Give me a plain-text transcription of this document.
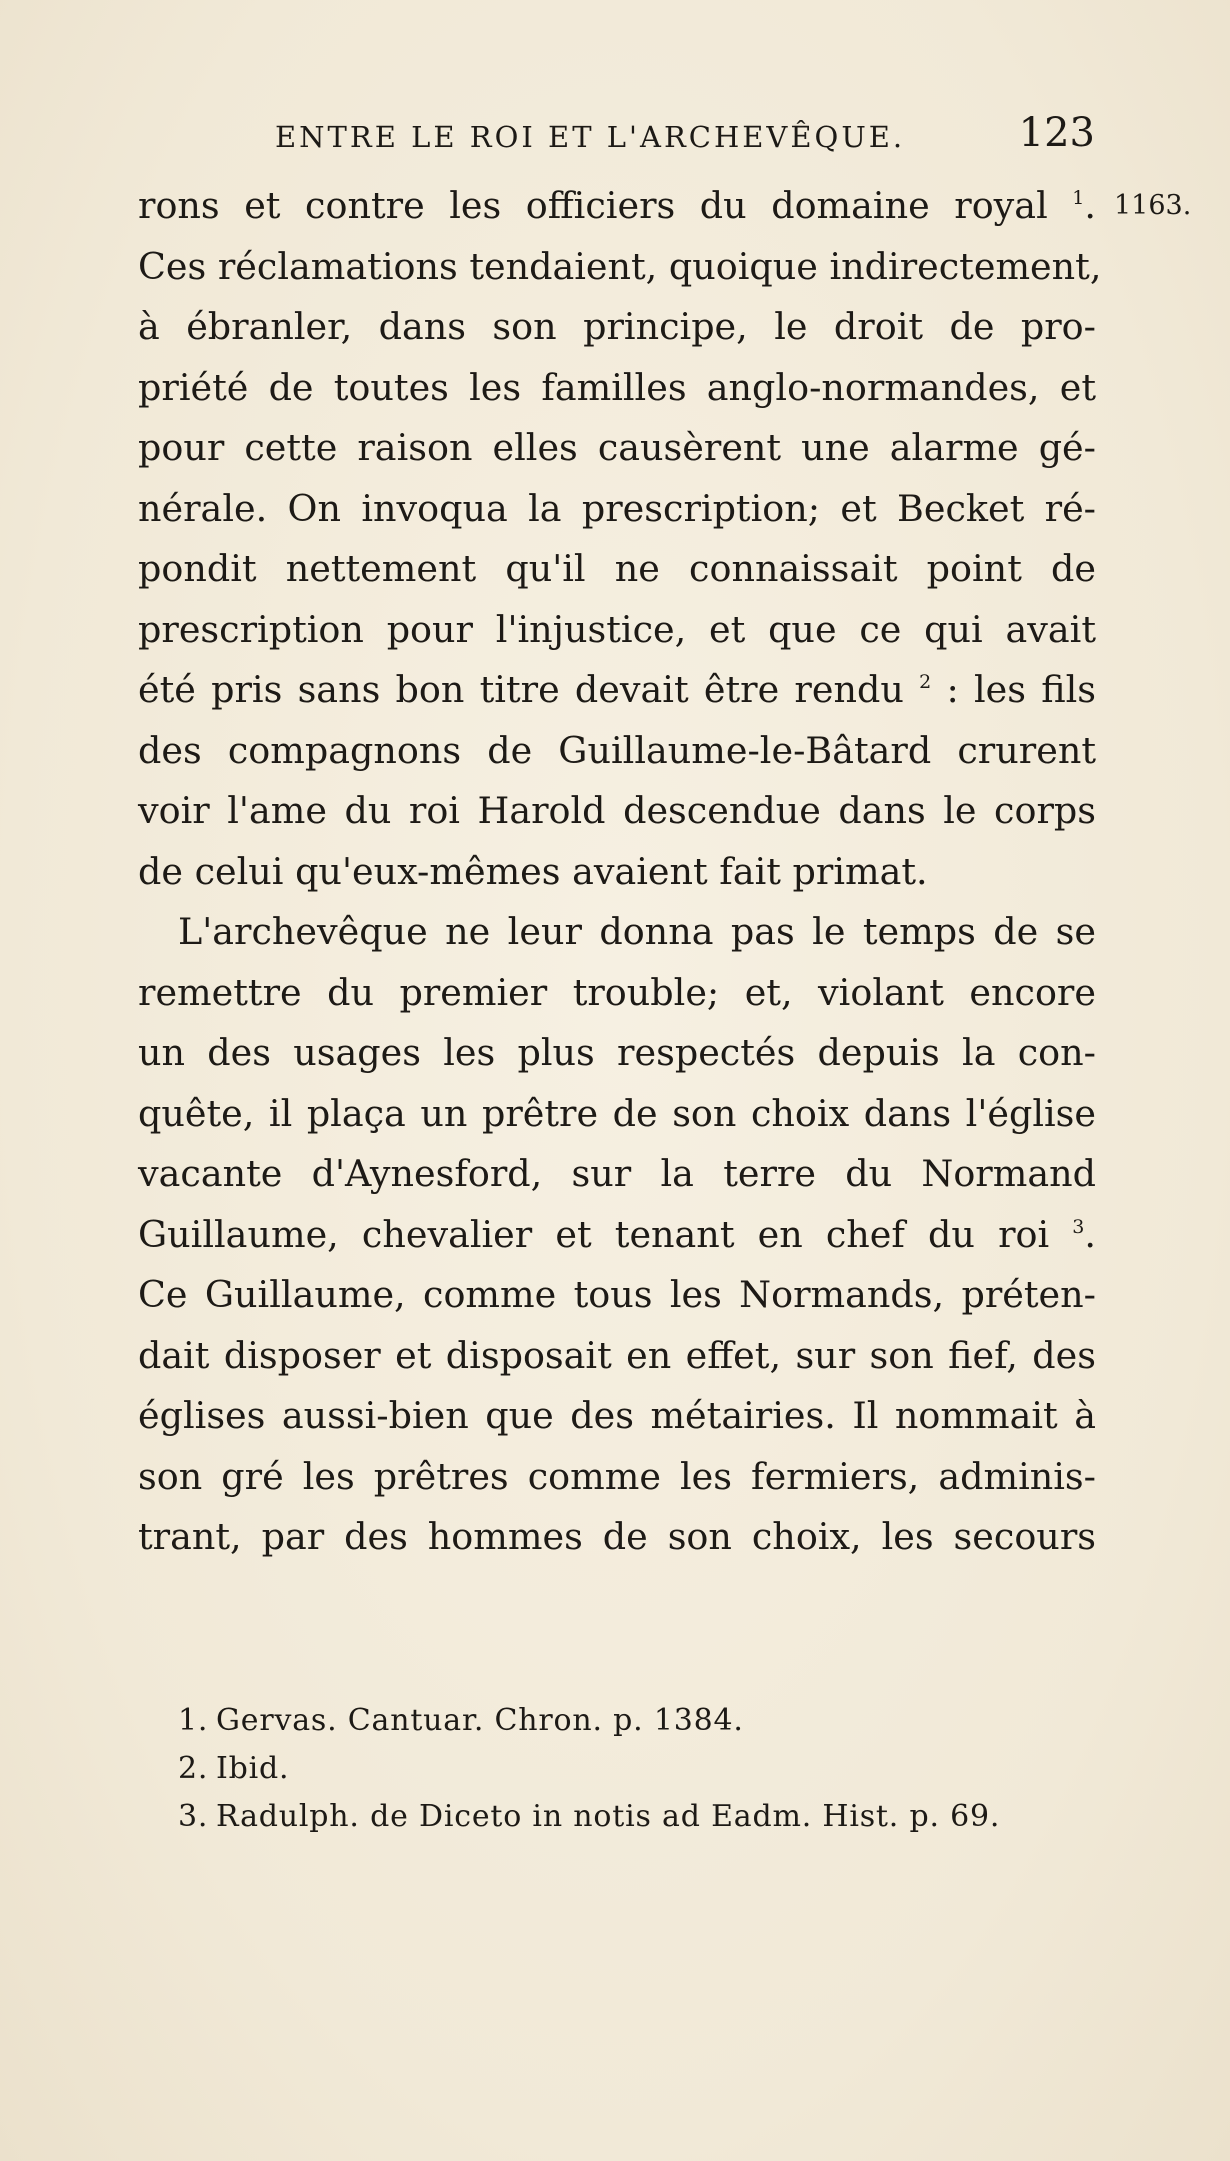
ENTRE LE ROI ET L'ARCHEVÊQUE.	123
1163.
rons et contre les officiers du domaine royal $^1$.
Ces réclamations tendaient, quoique indirectement,
à ébranler, dans son principe, le droit de pro-
priété de toutes les familles anglo-normandes, et
pour cette raison elles causèrent une alarme gé-
nérale. On invoqua la prescription; et Becket ré-
pondit nettement qu'il ne connaissait point de
prescription pour l'injustice, et que ce qui avait
été pris sans bon titre devait être rendu $^2$ : les fils
des compagnons de Guillaume-le-Bâtard crurent
voir l'ame du roi Harold descendue dans le corps
de celui qu'eux-mêmes avaient fait primat.
L'archevêque ne leur donna pas le temps de se
remettre du premier trouble; et, violant encore
un des usages les plus respectés depuis la con-
quête, il plaça un prêtre de son choix dans l'église
vacante d'Aynesford, sur la terre du Normand
Guillaume, chevalier et tenant en chef du roi $^3$.
Ce Guillaume, comme tous les Normands, préten-
dait disposer et disposait en effet, sur son fief, des
églises aussi-bien que des métairies. Il nommait à
son gré les prêtres comme les fermiers, adminis-
trant, par des hommes de son choix, les secours
1. Gervas. Cantuar. Chron. p. 1384.
2. Ibid.
3. Radulph. de Diceto in notis ad Eadm. Hist. p. 69.
